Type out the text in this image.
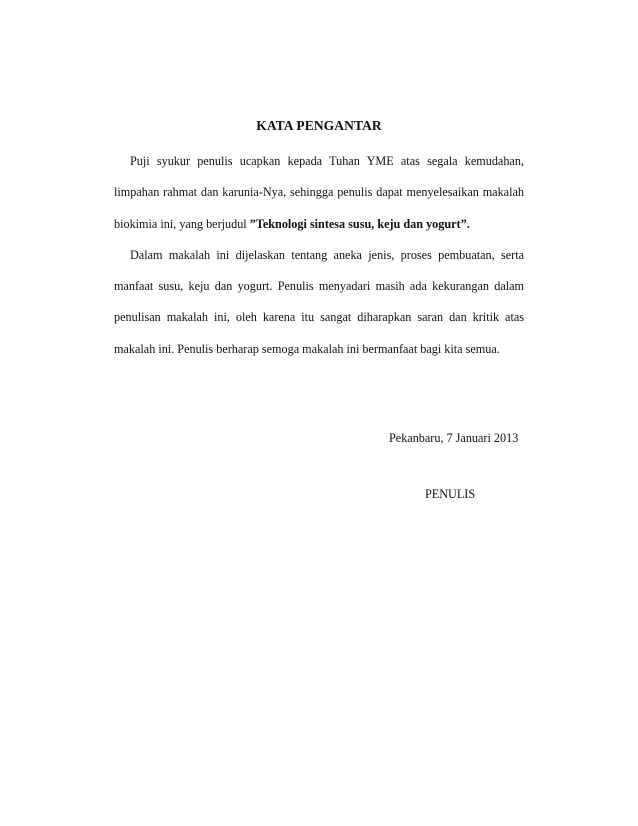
KATA PENGANTAR

Puji syukur penulis ucapkan kepada Tuhan YME atas segala kemudahan, limpahan rahmat dan karunia-Nya, sehingga penulis dapat menyelesaikan makalah biokimia ini, yang berjudul ”Teknologi sintesa susu, keju dan yogurt”.

Dalam makalah ini dijelaskan tentang aneka jenis, proses pembuatan, serta manfaat susu, keju dan yogurt. Penulis menyadari masih ada kekurangan dalam penulisan makalah ini, oleh karena itu sangat diharapkan saran dan kritik atas makalah ini. Penulis berharap semoga makalah ini bermanfaat bagi kita semua.

Pekanbaru, 7 Januari 2013
PENULIS
